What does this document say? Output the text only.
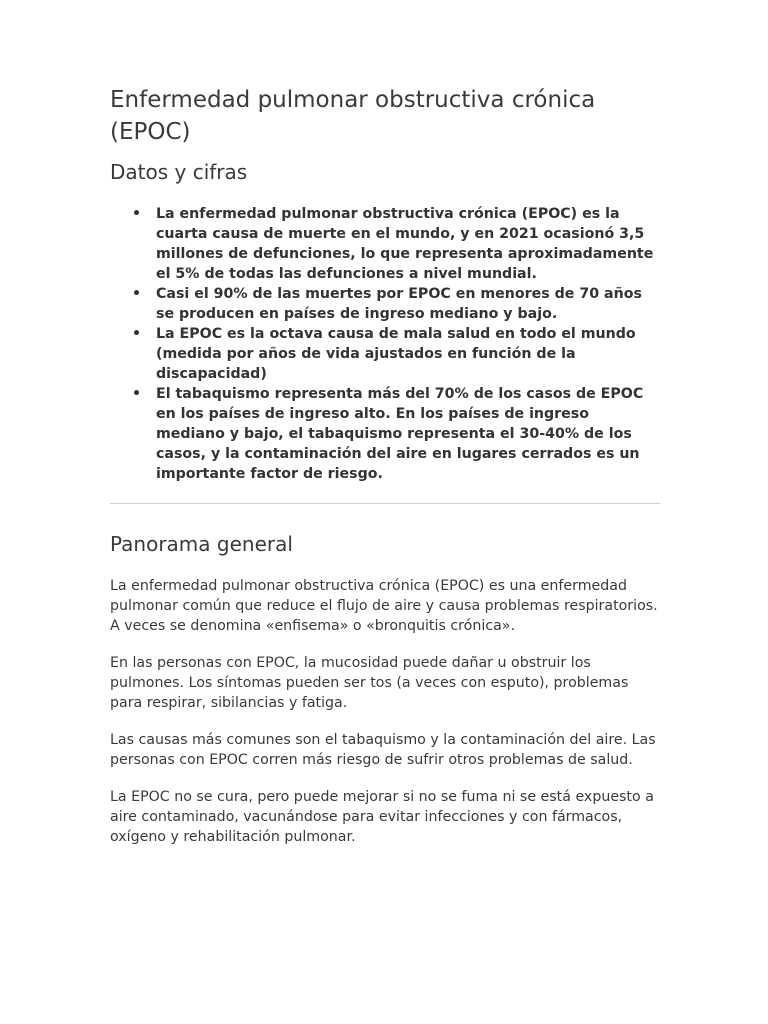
Enfermedad pulmonar obstructiva crónica (EPOC)
Datos y cifras
• La enfermedad pulmonar obstructiva crónica (EPOC) es la cuarta causa de muerte en el mundo, y en 2021 ocasionó 3,5 millones de defunciones, lo que representa aproximadamente el 5% de todas las defunciones a nivel mundial.
• Casi el 90% de las muertes por EPOC en menores de 70 años se producen en países de ingreso mediano y bajo.
• La EPOC es la octava causa de mala salud en todo el mundo (medida por años de vida ajustados en función de la discapacidad)
• El tabaquismo representa más del 70% de los casos de EPOC en los países de ingreso alto. En los países de ingreso mediano y bajo, el tabaquismo representa el 30-40% de los casos, y la contaminación del aire en lugares cerrados es un importante factor de riesgo.
Panorama general

La enfermedad pulmonar obstructiva crónica (EPOC) es una enfermedad pulmonar común que reduce el flujo de aire y causa problemas respiratorios. A veces se denomina «enfisema» o «bronquitis crónica».

En las personas con EPOC, la mucosidad puede dañar u obstruir los pulmones. Los síntomas pueden ser tos (a veces con esputo), problemas para respirar, sibilancias y fatiga.

Las causas más comunes son el tabaquismo y la contaminación del aire. Las personas con EPOC corren más riesgo de sufrir otros problemas de salud.

La EPOC no se cura, pero puede mejorar si no se fuma ni se está expuesto a aire contaminado, vacunándose para evitar infecciones y con fármacos, oxígeno y rehabilitación pulmonar.
